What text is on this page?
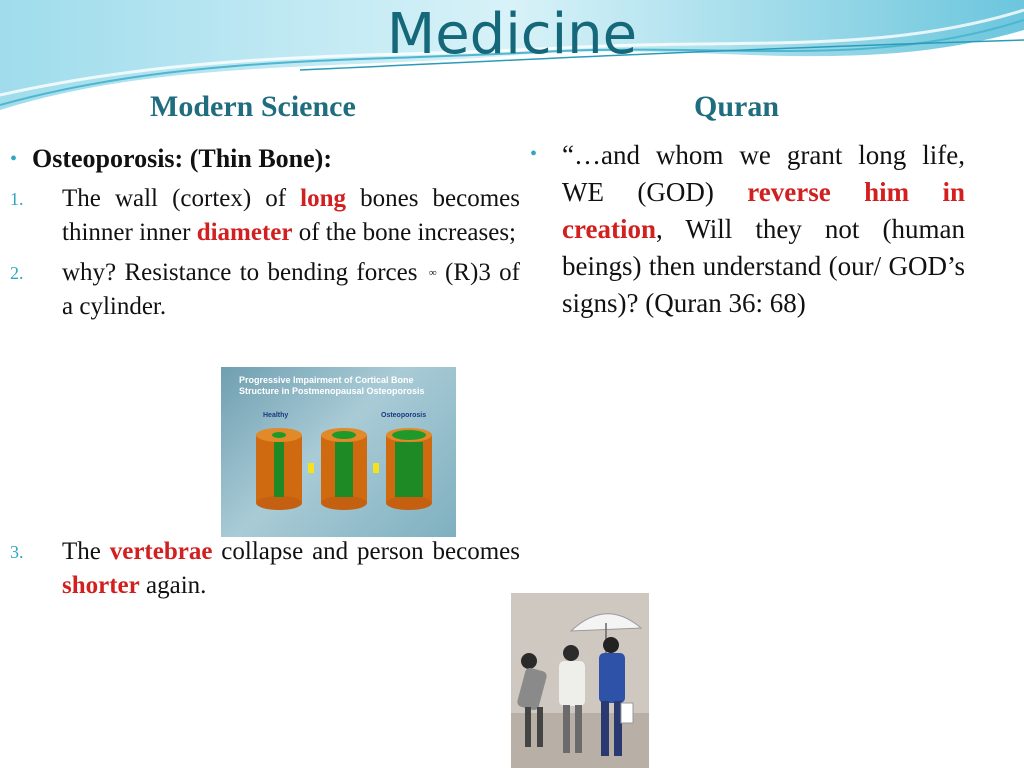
Medicine
Modern Science	Quran
• Osteoporosis: (Thin Bone):
1.	The wall (cortex) of long bones becomes thinner inner diameter of the bone increases;
2.	why? Resistance to bending forces ∞ (R)3 of a cylinder.
3.	The vertebrae collapse and person becomes shorter again.
Progressive Impairment of Cortical Bone
Structure in Postmenopausal Osteoporosis
Healthy	Osteoporosis
• “…and whom we grant long life, WE (GOD) reverse him in creation, Will they not (human beings) then understand (our/ GOD’s signs)? (Quran 36: 68)
